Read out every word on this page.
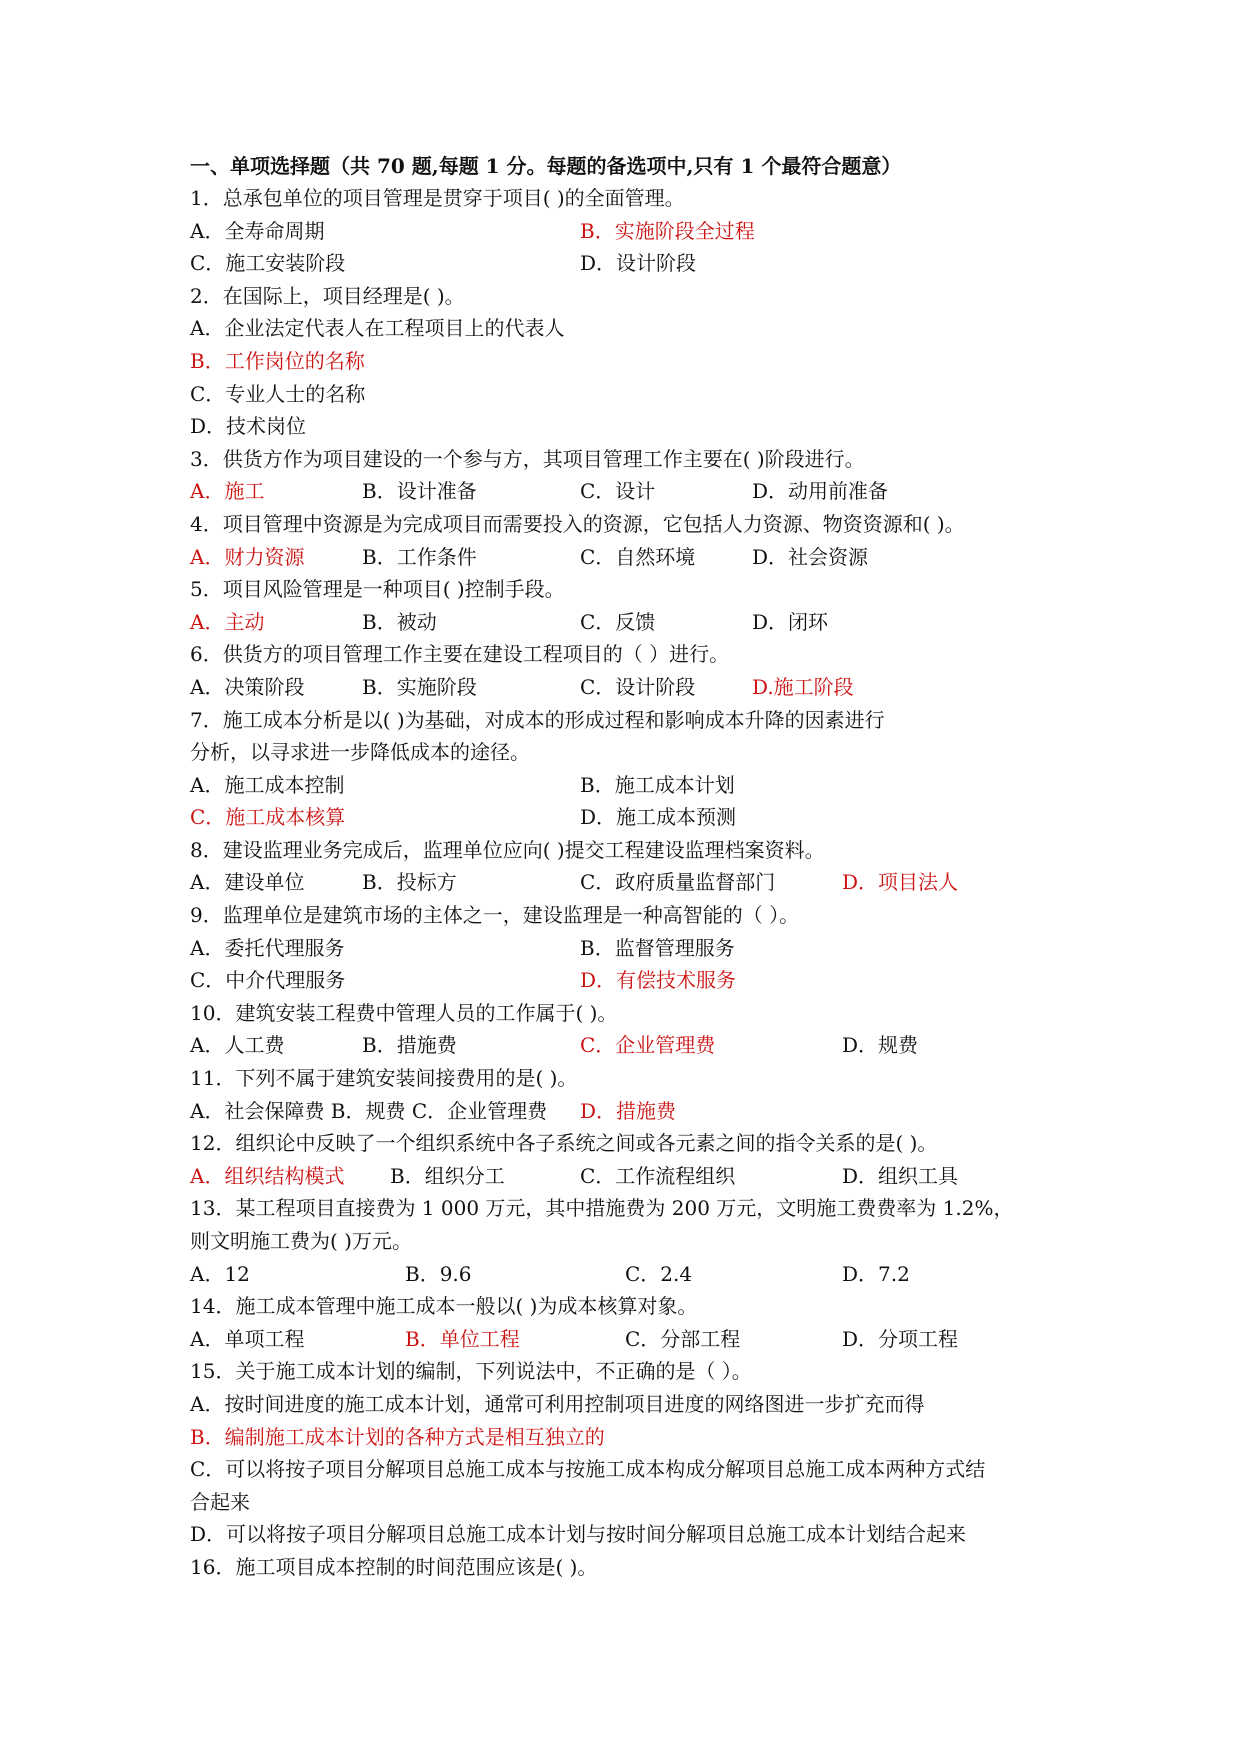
一、单项选择题（共 70 题,每题 1 分。每题的备选项中,只有 1 个最符合题意）
1．总承包单位的项目管理是贯穿于项目( )的全面管理。
A．全寿命周期	B．实施阶段全过程
C．施工安装阶段	D．设计阶段
2．在国际上，项目经理是( )。
A．企业法定代表人在工程项目上的代表人
B．工作岗位的名称
C．专业人士的名称
D．技术岗位
3．供货方作为项目建设的一个参与方，其项目管理工作主要在( )阶段进行。
A．施工	B．设计准备	C．设计	D．动用前准备
4．项目管理中资源是为完成项目而需要投入的资源，它包括人力资源、物资资源和( )。
A．财力资源	B．工作条件	C．自然环境	D．社会资源
5．项目风险管理是一种项目( )控制手段。
A．主动	B．被动	C．反馈	D．闭环
6．供货方的项目管理工作主要在建设工程项目的（ ）进行。
A．决策阶段	B．实施阶段	C．设计阶段	D.施工阶段
7．施工成本分析是以( )为基础，对成本的形成过程和影响成本升降的因素进行
分析，以寻求进一步降低成本的途径。
A．施工成本控制	B．施工成本计划
C．施工成本核算	D．施工成本预测
8．建设监理业务完成后，监理单位应向( )提交工程建设监理档案资料。
A．建设单位	B．投标方	C．政府质量监督部门	D．项目法人
9．监理单位是建筑市场的主体之一，建设监理是一种高智能的（ ）。
A．委托代理服务	B．监督管理服务
C．中介代理服务	D．有偿技术服务
10．建筑安装工程费中管理人员的工作属于( )。
A．人工费	B．措施费	C．企业管理费	D．规费
11．下列不属于建筑安装间接费用的是( )。
A．社会保障费 B．规费 C．企业管理费 D．措施费
12．组织论中反映了一个组织系统中各子系统之间或各元素之间的指令关系的是( )。
A．组织结构模式 B．组织分工	C．工作流程组织	D．组织工具
13．某工程项目直接费为 1 000 万元，其中措施费为 200 万元，文明施工费费率为 1.2%，
则文明施工费为( )万元。
A．12	B．9.6	C．2.4	D．7.2
14．施工成本管理中施工成本一般以( )为成本核算对象。
A．单项工程	B．单位工程	C．分部工程	D．分项工程
15．关于施工成本计划的编制，下列说法中，不正确的是（ ）。
A．按时间进度的施工成本计划，通常可利用控制项目进度的网络图进一步扩充而得
B．编制施工成本计划的各种方式是相互独立的
C．可以将按子项目分解项目总施工成本与按施工成本构成分解项目总施工成本两种方式结
合起来
D．可以将按子项目分解项目总施工成本计划与按时间分解项目总施工成本计划结合起来
16．施工项目成本控制的时间范围应该是( )。
